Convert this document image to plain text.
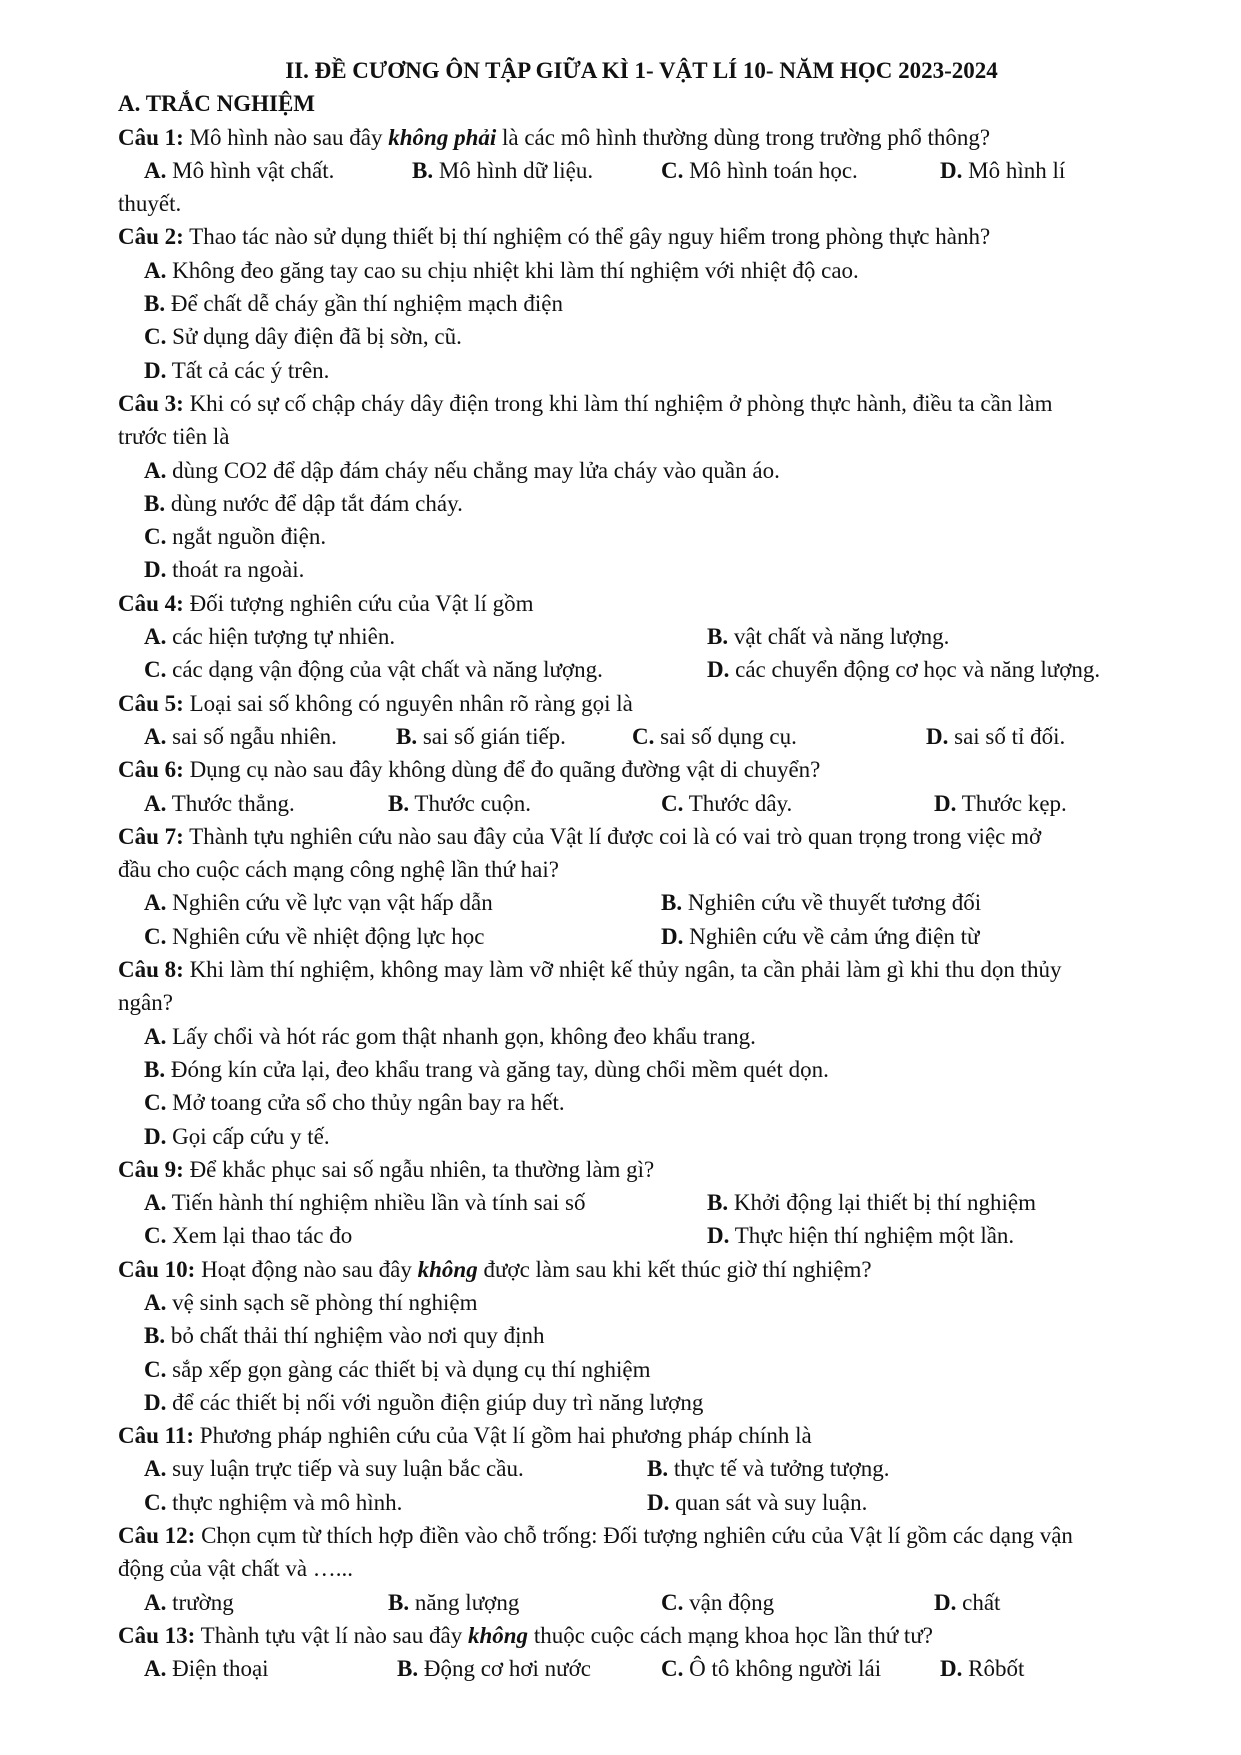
II. ĐỀ CƯƠNG ÔN TẬP GIỮA KÌ 1- VẬT LÍ 10- NĂM HỌC 2023-2024
A. TRẮC NGHIỆM
Câu 1: Mô hình nào sau đây không phải là các mô hình thường dùng trong trường phổ thông?
A. Mô hình vật chất.	B. Mô hình dữ liệu.	C. Mô hình toán học.	D. Mô hình lí
thuyết.
Câu 2: Thao tác nào sử dụng thiết bị thí nghiệm có thể gây nguy hiểm trong phòng thực hành?
A. Không đeo găng tay cao su chịu nhiệt khi làm thí nghiệm với nhiệt độ cao.
B. Để chất dễ cháy gần thí nghiệm mạch điện
C. Sử dụng dây điện đã bị sờn, cũ.
D. Tất cả các ý trên.
Câu 3: Khi có sự cố chập cháy dây điện trong khi làm thí nghiệm ở phòng thực hành, điều ta cần làm
trước tiên là
A. dùng CO2 để dập đám cháy nếu chẳng may lửa cháy vào quần áo.
B. dùng nước để dập tắt đám cháy.
C. ngắt nguồn điện.
D. thoát ra ngoài.
Câu 4: Đối tượng nghiên cứu của Vật lí gồm
A. các hiện tượng tự nhiên.	B. vật chất và năng lượng.
C. các dạng vận động của vật chất và năng lượng.	D. các chuyển động cơ học và năng lượng.
Câu 5: Loại sai số không có nguyên nhân rõ ràng gọi là
A. sai số ngẫu nhiên.	B. sai số gián tiếp.	C. sai số dụng cụ.	D. sai số tỉ đối.
Câu 6: Dụng cụ nào sau đây không dùng để đo quãng đường vật di chuyển?
A. Thước thẳng.	B. Thước cuộn.	C. Thước dây.	D. Thước kẹp.
Câu 7: Thành tựu nghiên cứu nào sau đây của Vật lí được coi là có vai trò quan trọng trong việc mở
đầu cho cuộc cách mạng công nghệ lần thứ hai?
A. Nghiên cứu về lực vạn vật hấp dẫn	B. Nghiên cứu về thuyết tương đối
C. Nghiên cứu về nhiệt động lực học	D. Nghiên cứu về cảm ứng điện từ
Câu 8: Khi làm thí nghiệm, không may làm vỡ nhiệt kế thủy ngân, ta cần phải làm gì khi thu dọn thủy
ngân?
A. Lấy chổi và hót rác gom thật nhanh gọn, không đeo khẩu trang.
B. Đóng kín cửa lại, đeo khẩu trang và găng tay, dùng chổi mềm quét dọn.
C. Mở toang cửa sổ cho thủy ngân bay ra hết.
D. Gọi cấp cứu y tế.
Câu 9: Để khắc phục sai số ngẫu nhiên, ta thường làm gì?
A. Tiến hành thí nghiệm nhiều lần và tính sai số	B. Khởi động lại thiết bị thí nghiệm
C. Xem lại thao tác đo	D. Thực hiện thí nghiệm một lần.
Câu 10: Hoạt động nào sau đây không được làm sau khi kết thúc giờ thí nghiệm?
A. vệ sinh sạch sẽ phòng thí nghiệm
B. bỏ chất thải thí nghiệm vào nơi quy định
C. sắp xếp gọn gàng các thiết bị và dụng cụ thí nghiệm
D. để các thiết bị nối với nguồn điện giúp duy trì năng lượng
Câu 11: Phương pháp nghiên cứu của Vật lí gồm hai phương pháp chính là
A. suy luận trực tiếp và suy luận bắc cầu.	B. thực tế và tưởng tượng.
C. thực nghiệm và mô hình.	D. quan sát và suy luận.
Câu 12: Chọn cụm từ thích hợp điền vào chỗ trống: Đối tượng nghiên cứu của Vật lí gồm các dạng vận
động của vật chất và …...
A. trường	B. năng lượng	C. vận động	D. chất
Câu 13: Thành tựu vật lí nào sau đây không thuộc cuộc cách mạng khoa học lần thứ tư?
A. Điện thoại	B. Động cơ hơi nước	C. Ô tô không người lái	D. Rôbốt
